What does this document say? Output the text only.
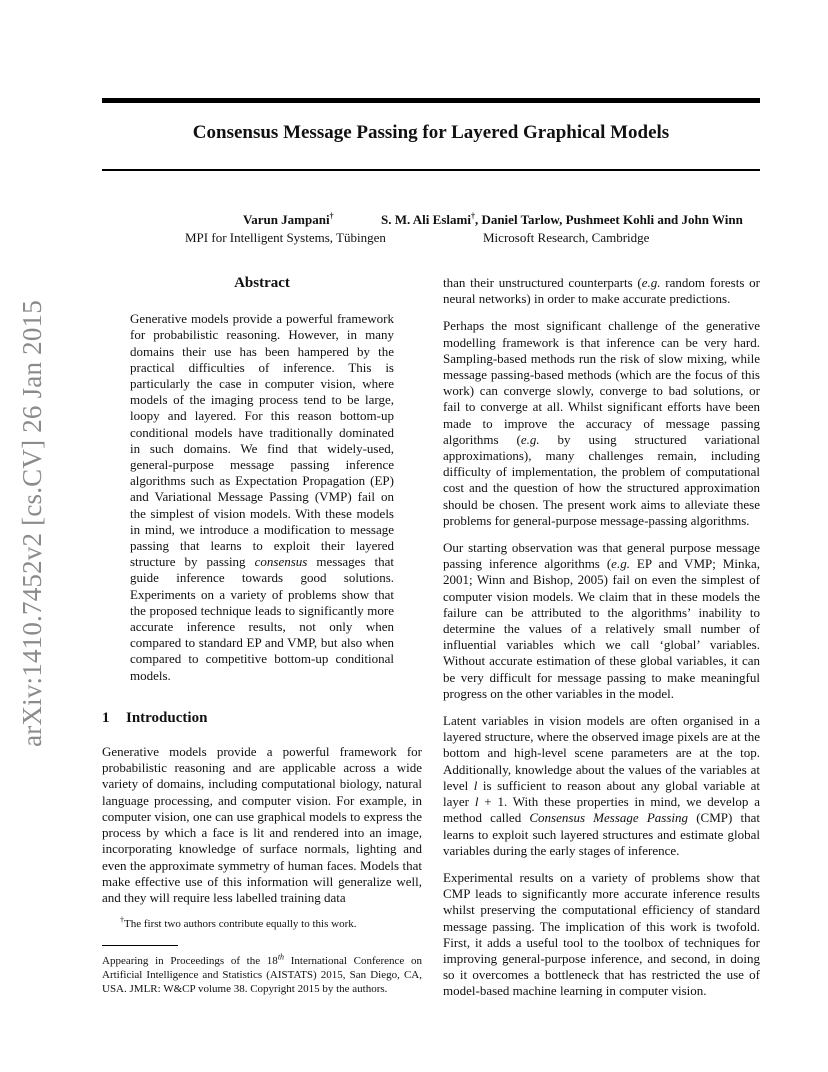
Consensus Message Passing for Layered Graphical Models
Varun Jampani†
MPI for Intelligent Systems, Tübingen
S. M. Ali Eslami†, Daniel Tarlow, Pushmeet Kohli and John Winn
Microsoft Research, Cambridge
arXiv:1410.7452v2 [cs.CV] 26 Jan 2015
Abstract
Generative models provide a powerful framework for probabilistic reasoning. However, in many domains their use has been hampered by the practical difficulties of inference. This is particularly the case in computer vision, where models of the imaging process tend to be large, loopy and layered. For this reason bottom-up conditional models have traditionally dominated in such domains. We find that widely-used, general-purpose message passing inference algorithms such as Expectation Propagation (EP) and Variational Message Passing (VMP) fail on the simplest of vision models. With these models in mind, we introduce a modification to message passing that learns to exploit their layered structure by passing consensus messages that guide inference towards good solutions. Experiments on a variety of problems show that the proposed technique leads to significantly more accurate inference results, not only when compared to standard EP and VMP, but also when compared to competitive bottom-up conditional models.
1 Introduction

Generative models provide a powerful framework for probabilistic reasoning and are applicable across a wide variety of domains, including computational biology, natural language processing, and computer vision. For example, in computer vision, one can use graphical models to express the process by which a face is lit and rendered into an image, incorporating knowledge of surface normals, lighting and even the approximate symmetry of human faces. Models that make effective use of this information will generalize well, and they will require less labelled training data

†The first two authors contribute equally to this work.
Appearing in Proceedings of the 18th International Conference on Artificial Intelligence and Statistics (AISTATS) 2015, San Diego, CA, USA. JMLR: W&CP volume 38. Copyright 2015 by the authors.

than their unstructured counterparts (e.g. random forests or neural networks) in order to make accurate predictions.

Perhaps the most significant challenge of the generative modelling framework is that inference can be very hard. Sampling-based methods run the risk of slow mixing, while message passing-based methods (which are the focus of this work) can converge slowly, converge to bad solutions, or fail to converge at all. Whilst significant efforts have been made to improve the accuracy of message passing algorithms (e.g. by using structured variational approximations), many challenges remain, including difficulty of implementation, the problem of computational cost and the question of how the structured approximation should be chosen. The present work aims to alleviate these problems for general-purpose message-passing algorithms.

Our starting observation was that general purpose message passing inference algorithms (e.g. EP and VMP; Minka, 2001; Winn and Bishop, 2005) fail on even the simplest of computer vision models. We claim that in these models the failure can be attributed to the algorithms’ inability to determine the values of a relatively small number of influential variables which we call ‘global’ variables. Without accurate estimation of these global variables, it can be very difficult for message passing to make meaningful progress on the other variables in the model.

Latent variables in vision models are often organised in a layered structure, where the observed image pixels are at the bottom and high-level scene parameters are at the top. Additionally, knowledge about the values of the variables at level l is sufficient to reason about any global variable at layer l + 1. With these properties in mind, we develop a method called Consensus Message Passing (CMP) that learns to exploit such layered structures and estimate global variables during the early stages of inference.

Experimental results on a variety of problems show that CMP leads to significantly more accurate inference results whilst preserving the computational efficiency of standard message passing. The implication of this work is twofold. First, it adds a useful tool to the toolbox of techniques for improving general-purpose inference, and second, in doing so it overcomes a bottleneck that has restricted the use of model-based machine learning in computer vision.
